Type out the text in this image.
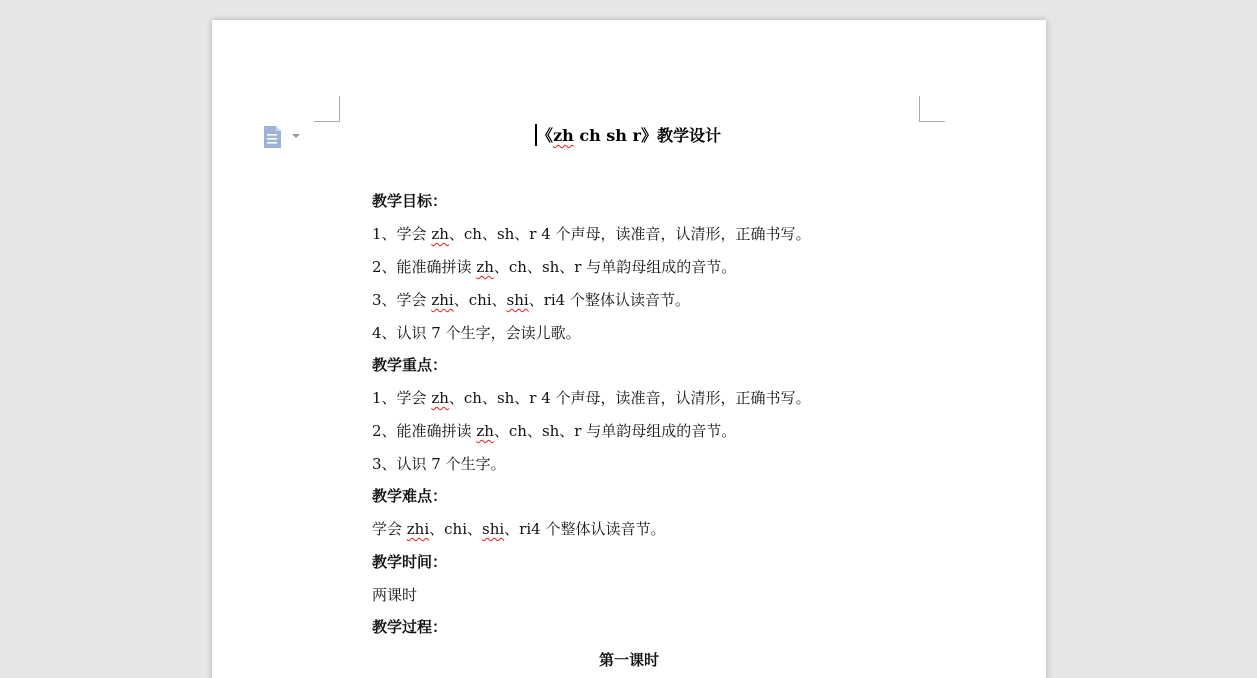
《zh ch sh r》教学设计
教学目标：
1、学会 zh、ch、sh、r 4 个声母，读准音，认清形，正确书写。
2、能准确拼读 zh、ch、sh、r 与单韵母组成的音节。
3、学会 zhi、chi、shi、ri4 个整体认读音节。
4、认识 7 个生字，会读儿歌。
教学重点：
1、学会 zh、ch、sh、r 4 个声母，读准音，认清形，正确书写。
2、能准确拼读 zh、ch、sh、r 与单韵母组成的音节。
3、认识 7 个生字。
教学难点：
学会 zhi、chi、shi、ri4 个整体认读音节。
教学时间：
两课时
教学过程：
第一课时
